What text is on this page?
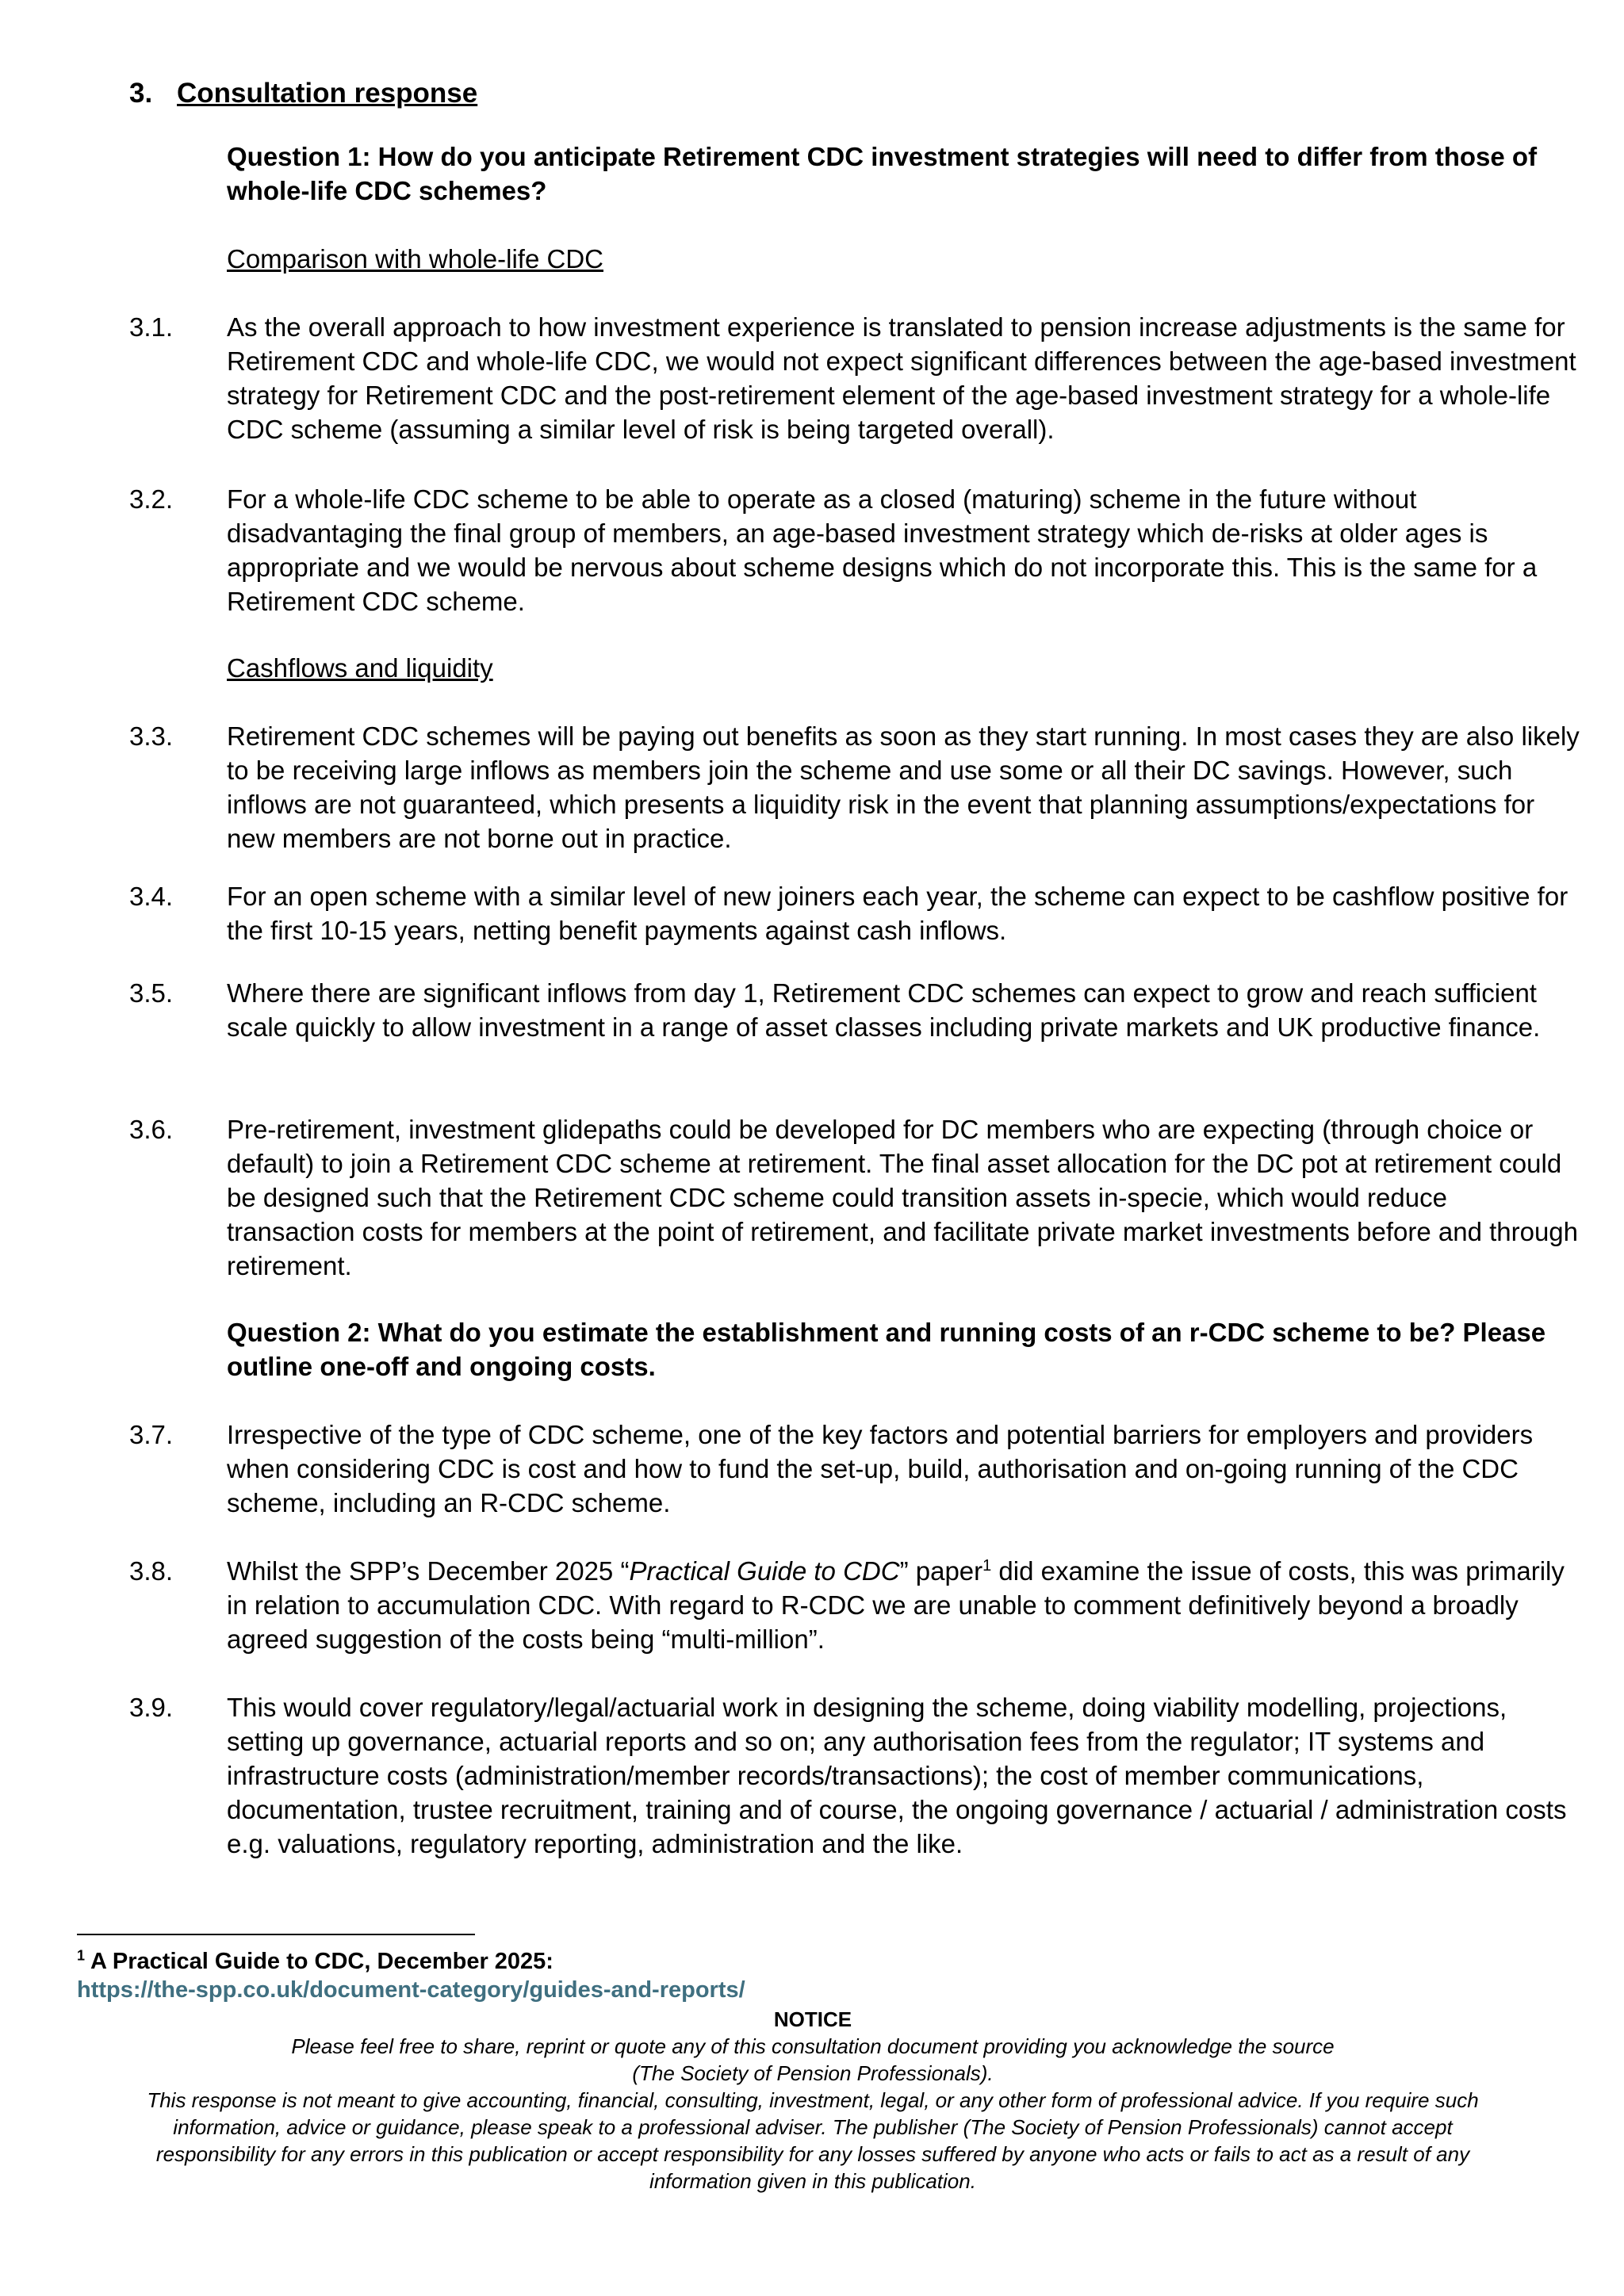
3. Consultation response
Question 1: How do you anticipate Retirement CDC investment strategies will need to differ from those of whole-life CDC schemes?
Comparison with whole-life CDC
3.1.	As the overall approach to how investment experience is translated to pension increase adjustments is the same for Retirement CDC and whole-life CDC, we would not expect significant differences between the age-based investment strategy for Retirement CDC and the post-retirement element of the age-based investment strategy for a whole-life CDC scheme (assuming a similar level of risk is being targeted overall).
3.2.	For a whole-life CDC scheme to be able to operate as a closed (maturing) scheme in the future without disadvantaging the final group of members, an age-based investment strategy which de-risks at older ages is appropriate and we would be nervous about scheme designs which do not incorporate this. This is the same for a Retirement CDC scheme.
Cashflows and liquidity
3.3.	Retirement CDC schemes will be paying out benefits as soon as they start running. In most cases they are also likely to be receiving large inflows as members join the scheme and use some or all their DC savings. However, such inflows are not guaranteed, which presents a liquidity risk in the event that planning assumptions/expectations for new members are not borne out in practice.
3.4.	For an open scheme with a similar level of new joiners each year, the scheme can expect to be cashflow positive for the first 10-15 years, netting benefit payments against cash inflows.
3.5.	Where there are significant inflows from day 1, Retirement CDC schemes can expect to grow and reach sufficient scale quickly to allow investment in a range of asset classes including private markets and UK productive finance.
3.6.	Pre-retirement, investment glidepaths could be developed for DC members who are expecting (through choice or default) to join a Retirement CDC scheme at retirement. The final asset allocation for the DC pot at retirement could be designed such that the Retirement CDC scheme could transition assets in-specie, which would reduce transaction costs for members at the point of retirement, and facilitate private market investments before and through retirement.
Question 2: What do you estimate the establishment and running costs of an r-CDC scheme to be? Please outline one-off and ongoing costs.
3.7.	Irrespective of the type of CDC scheme, one of the key factors and potential barriers for employers and providers when considering CDC is cost and how to fund the set-up, build, authorisation and on-going running of the CDC scheme, including an R-CDC scheme.
3.8.	Whilst the SPP’s December 2025 “Practical Guide to CDC” paper$^1$ did examine the issue of costs, this was primarily in relation to accumulation CDC. With regard to R-CDC we are unable to comment definitively beyond a broadly agreed suggestion of the costs being “multi-million”.
3.9.	This would cover regulatory/legal/actuarial work in designing the scheme, doing viability modelling, projections, setting up governance, actuarial reports and so on; any authorisation fees from the regulator; IT systems and infrastructure costs (administration/member records/transactions); the cost of member communications, documentation, trustee recruitment, training and of course, the ongoing governance / actuarial / administration costs e.g. valuations, regulatory reporting, administration and the like.
$^1$ A Practical Guide to CDC, December 2025:
https://the-spp.co.uk/document-category/guides-and-reports/
NOTICE
Please feel free to share, reprint or quote any of this consultation document providing you acknowledge the source
(The Society of Pension Professionals).
This response is not meant to give accounting, financial, consulting, investment, legal, or any other form of professional advice. If you require such
information, advice or guidance, please speak to a professional adviser. The publisher (The Society of Pension Professionals) cannot accept
responsibility for any errors in this publication or accept responsibility for any losses suffered by anyone who acts or fails to act as a result of any
information given in this publication.
